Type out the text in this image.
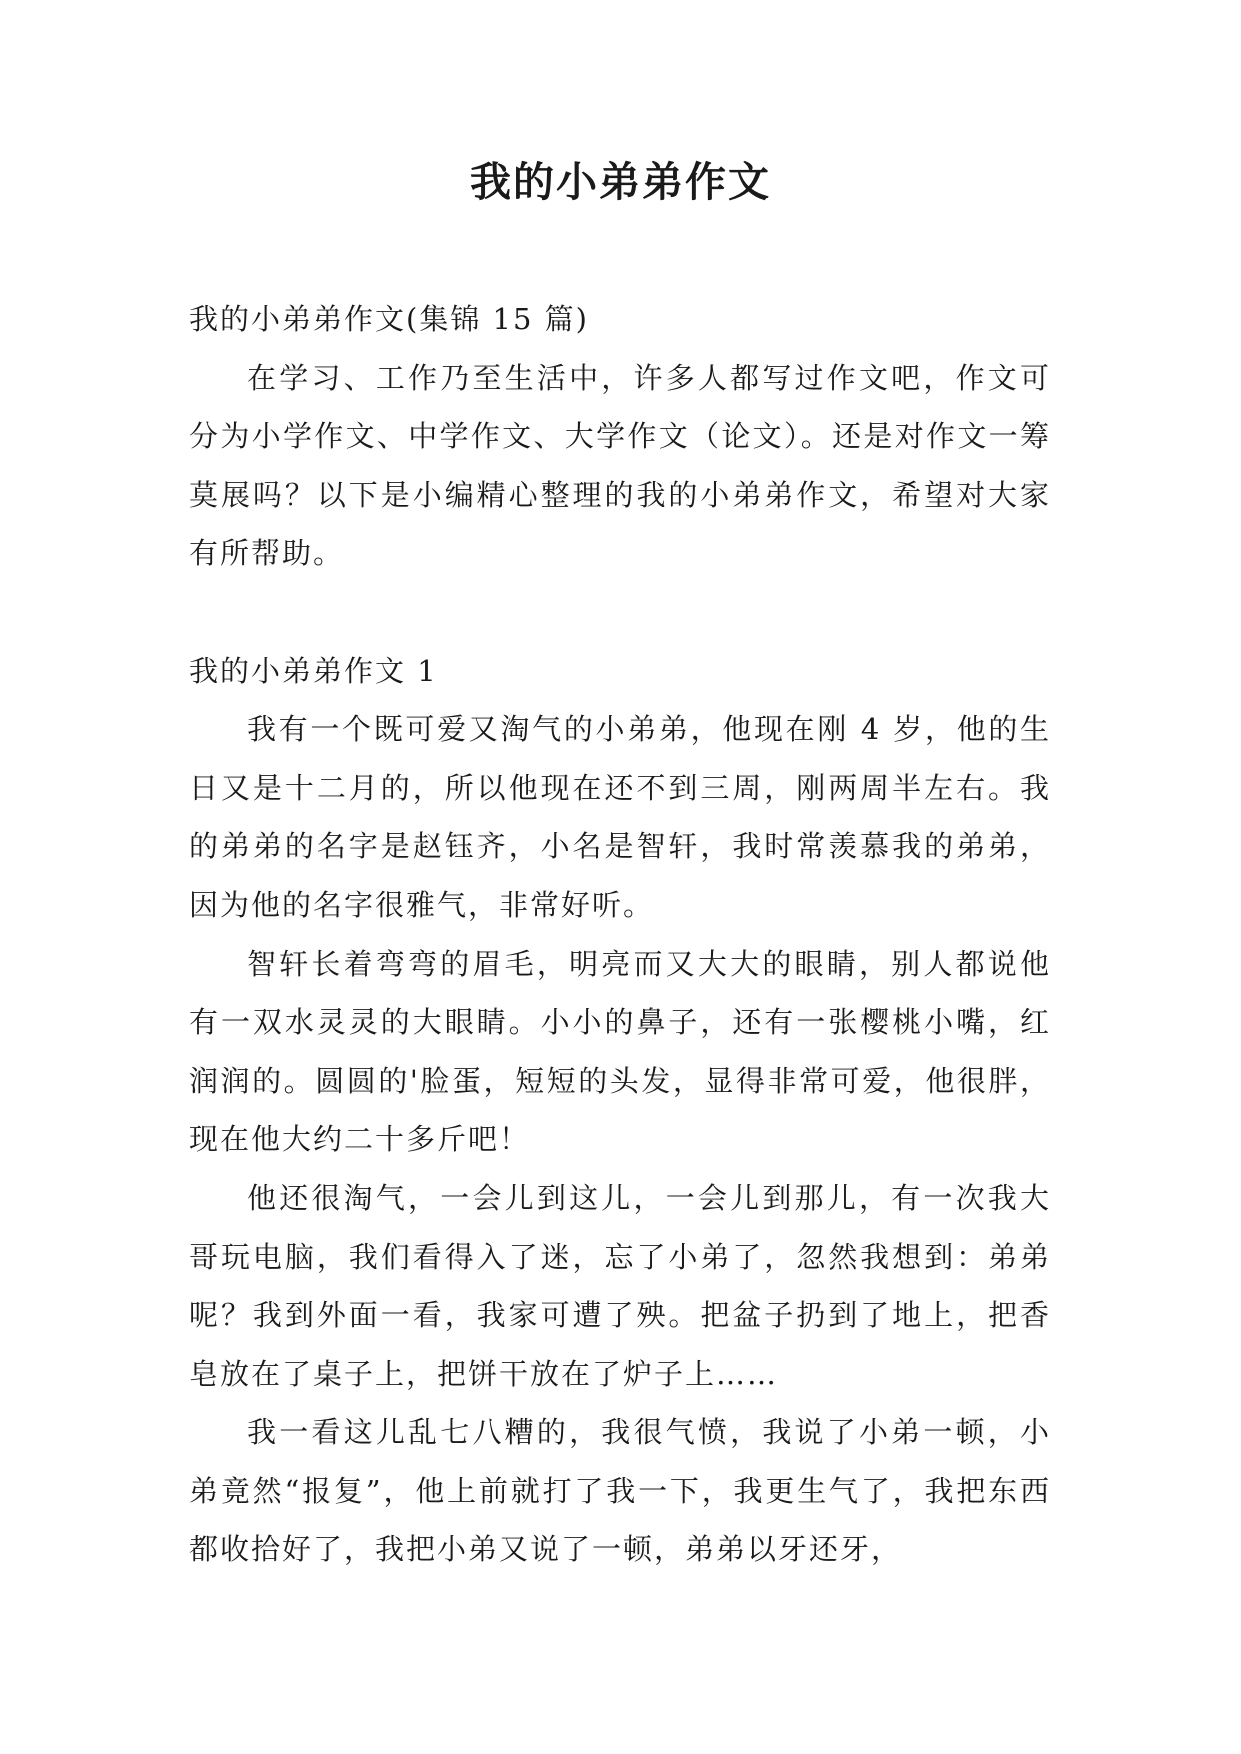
我的小弟弟作文

我的小弟弟作文(集锦 15 篇)

在学习、工作乃至生活中，许多人都写过作文吧，作文可分为小学作文、中学作文、大学作文（论文）。还是对作文一筹莫展吗？以下是小编精心整理的我的小弟弟作文，希望对大家有所帮助。

我的小弟弟作文 1

我有一个既可爱又淘气的小弟弟，他现在刚 4 岁，他的生日又是十二月的，所以他现在还不到三周，刚两周半左右。我的弟弟的名字是赵钰齐，小名是智轩，我时常羡慕我的弟弟，因为他的名字很雅气，非常好听。

智轩长着弯弯的眉毛，明亮而又大大的眼睛，别人都说他有一双水灵灵的大眼睛。小小的鼻子，还有一张樱桃小嘴，红润润的。圆圆的'脸蛋，短短的头发，显得非常可爱，他很胖，现在他大约二十多斤吧！

他还很淘气，一会儿到这儿，一会儿到那儿，有一次我大哥玩电脑，我们看得入了迷，忘了小弟了，忽然我想到：弟弟呢？我到外面一看，我家可遭了殃。把盆子扔到了地上，把香皂放在了桌子上，把饼干放在了炉子上……

我一看这儿乱七八糟的，我很气愤，我说了小弟一顿，小弟竟然“报复”，他上前就打了我一下，我更生气了，我把东西都收拾好了，我把小弟又说了一顿，弟弟以牙还牙，
